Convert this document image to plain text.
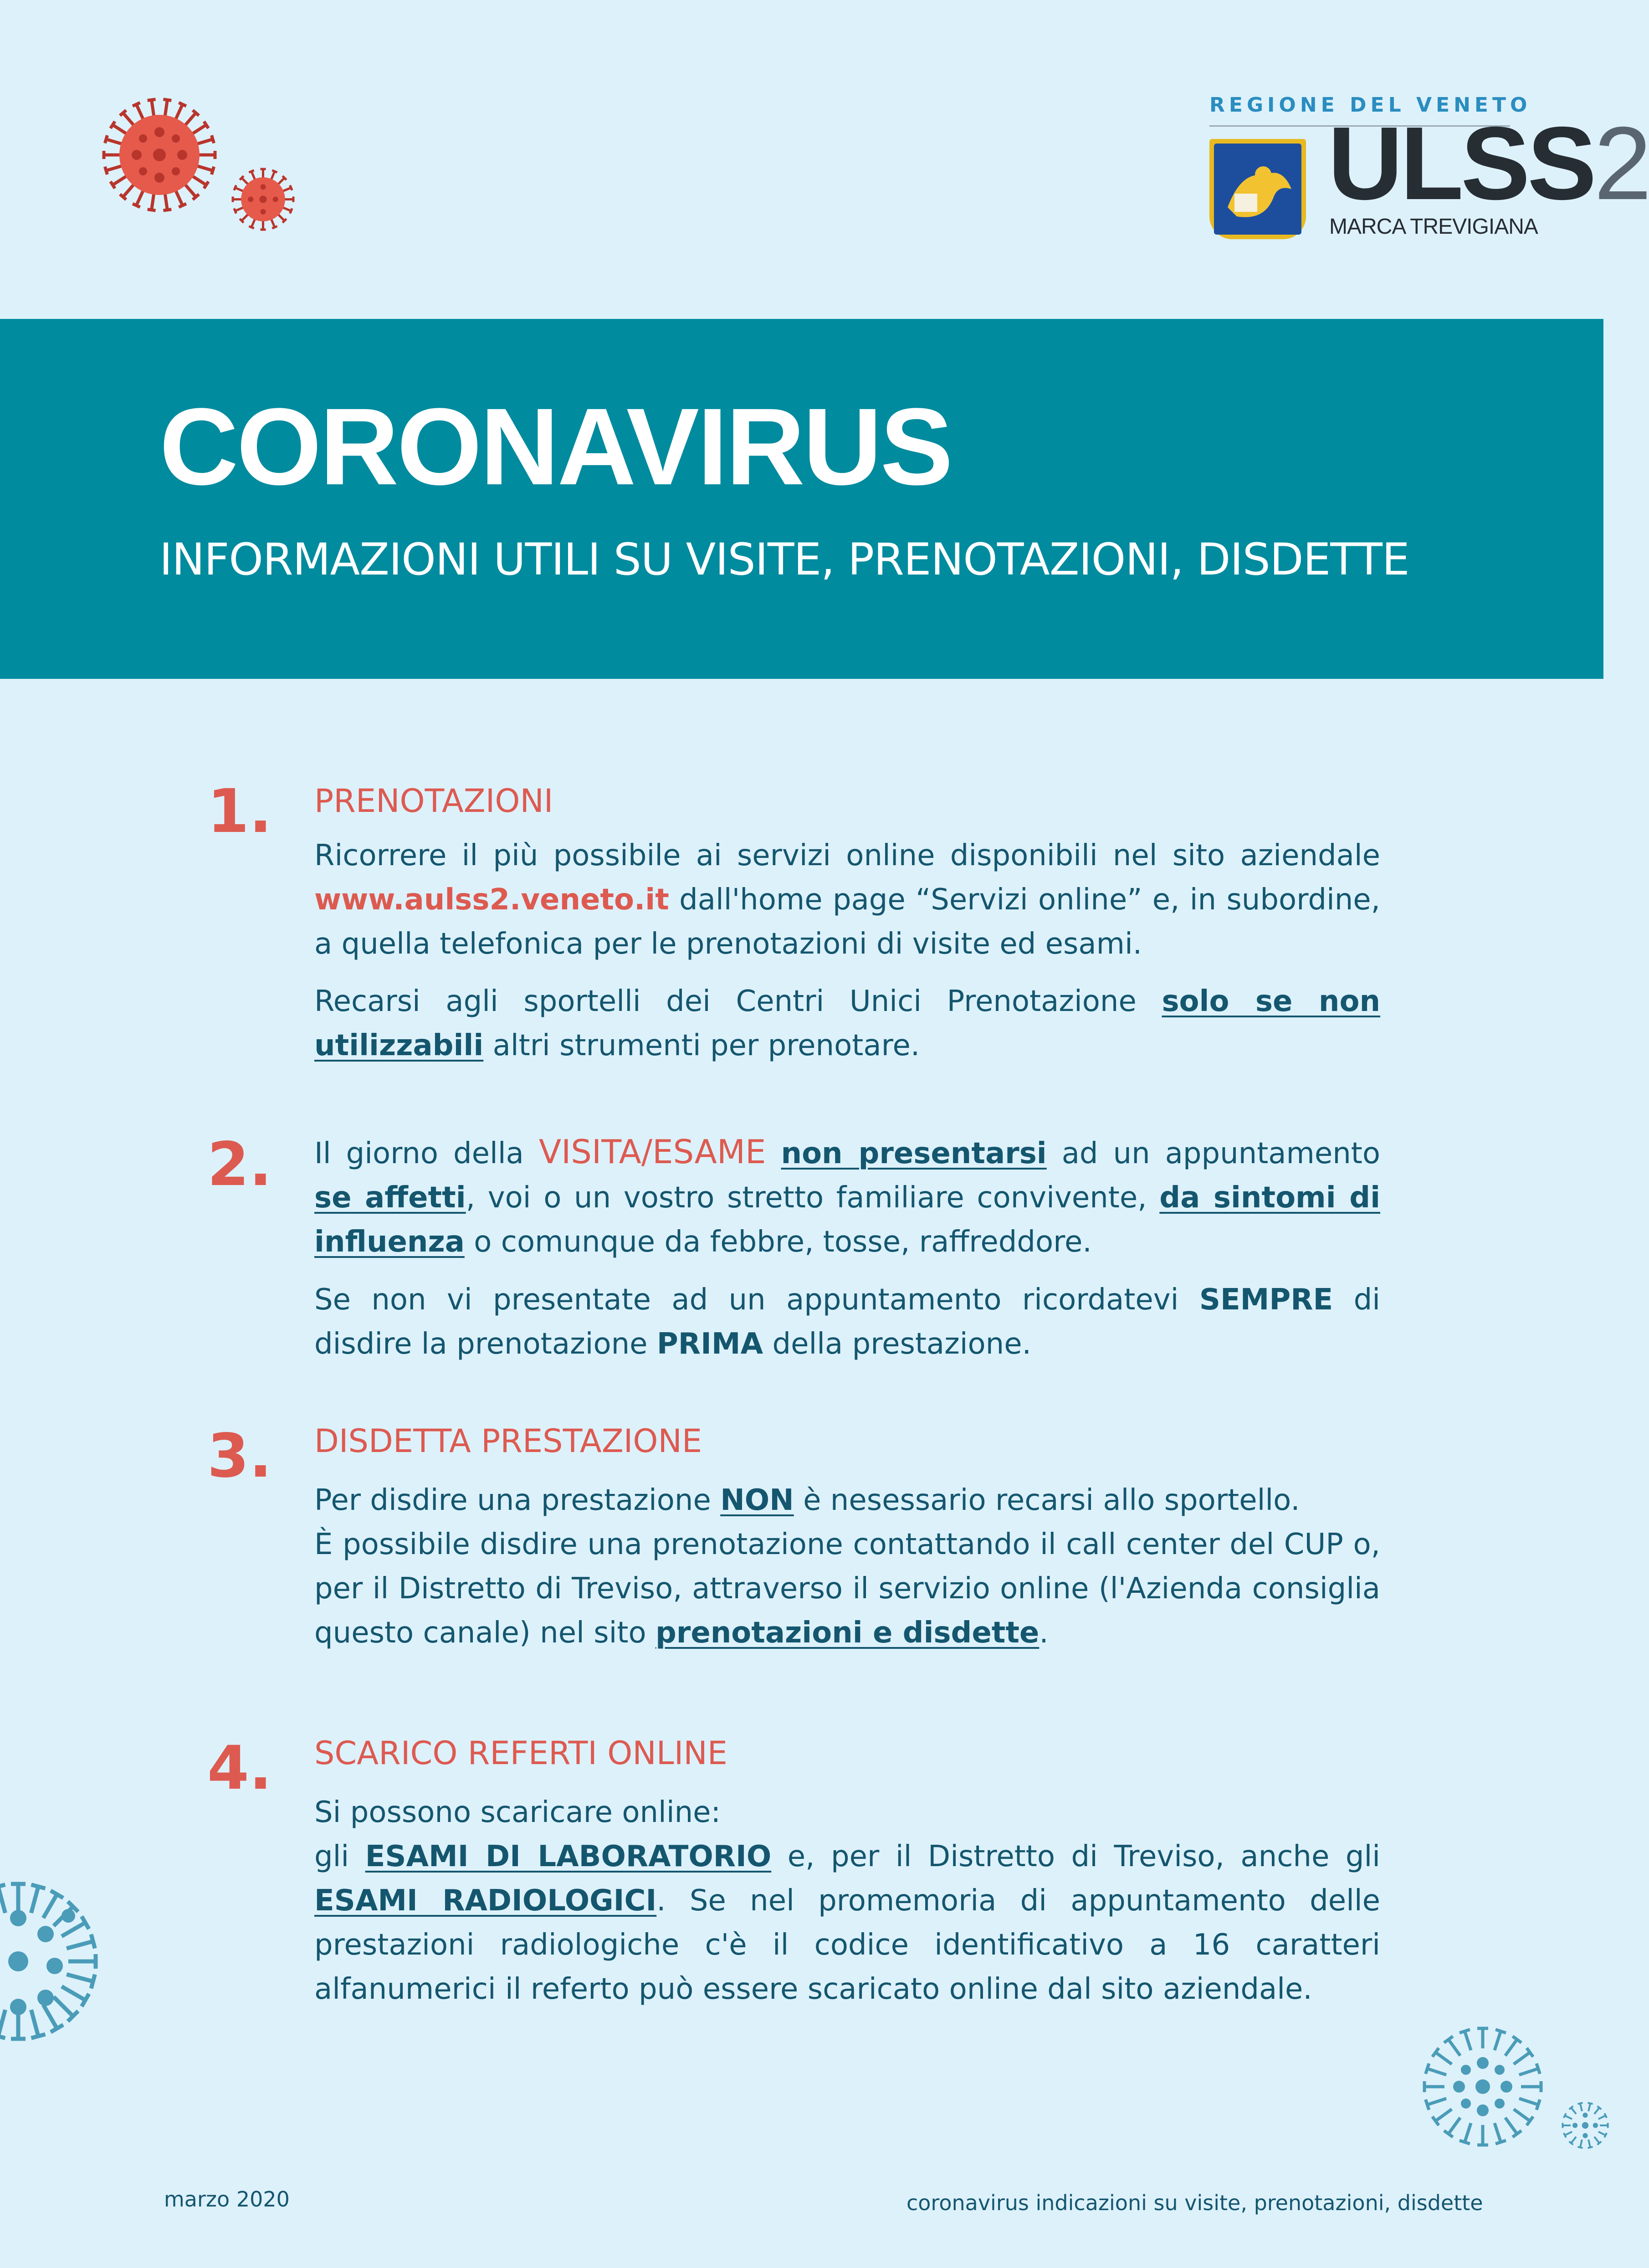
REGIONE DEL VENETO
ULSS2
MARCA TREVIGIANA
CORONAVIRUS
INFORMAZIONI UTILI SU VISITE, PRENOTAZIONI, DISDETTE
1. PRENOTAZIONI

Ricorrere il più possibile ai servizi online disponibili nel sito aziendale www.aulss2.veneto.it dall'home page “Servizi online” e, in subordine, a quella telefonica per le prenotazioni di visite ed esami.

Recarsi agli sportelli dei Centri Unici Prenotazione solo se non utilizzabili altri strumenti per prenotare.

2. Il giorno della VISITA/ESAME non presentarsi ad un appuntamento se affetti, voi o un vostro stretto familiare convivente, da sintomi di influenza o comunque da febbre, tosse, raffreddore.

Se non vi presentate ad un appuntamento ricordatevi SEMPRE di disdire la prenotazione PRIMA della prestazione.

3. DISDETTA PRESTAZIONE

Per disdire una prestazione NON è nesessario recarsi allo sportello.
È possibile disdire una prenotazione contattando il call center del CUP o, per il Distretto di Treviso, attraverso il servizio online (l'Azienda consiglia questo canale) nel sito prenotazioni e disdette.

4. SCARICO REFERTI ONLINE

Si possono scaricare online:
gli ESAMI DI LABORATORIO e, per il Distretto di Treviso, anche gli ESAMI RADIOLOGICI. Se nel promemoria di appuntamento delle prestazioni radiologiche c'è il codice identificativo a 16 caratteri alfanumerici il referto può essere scaricato online dal sito aziendale.

marzo 2020	coronavirus indicazioni su visite, prenotazioni, disdette
